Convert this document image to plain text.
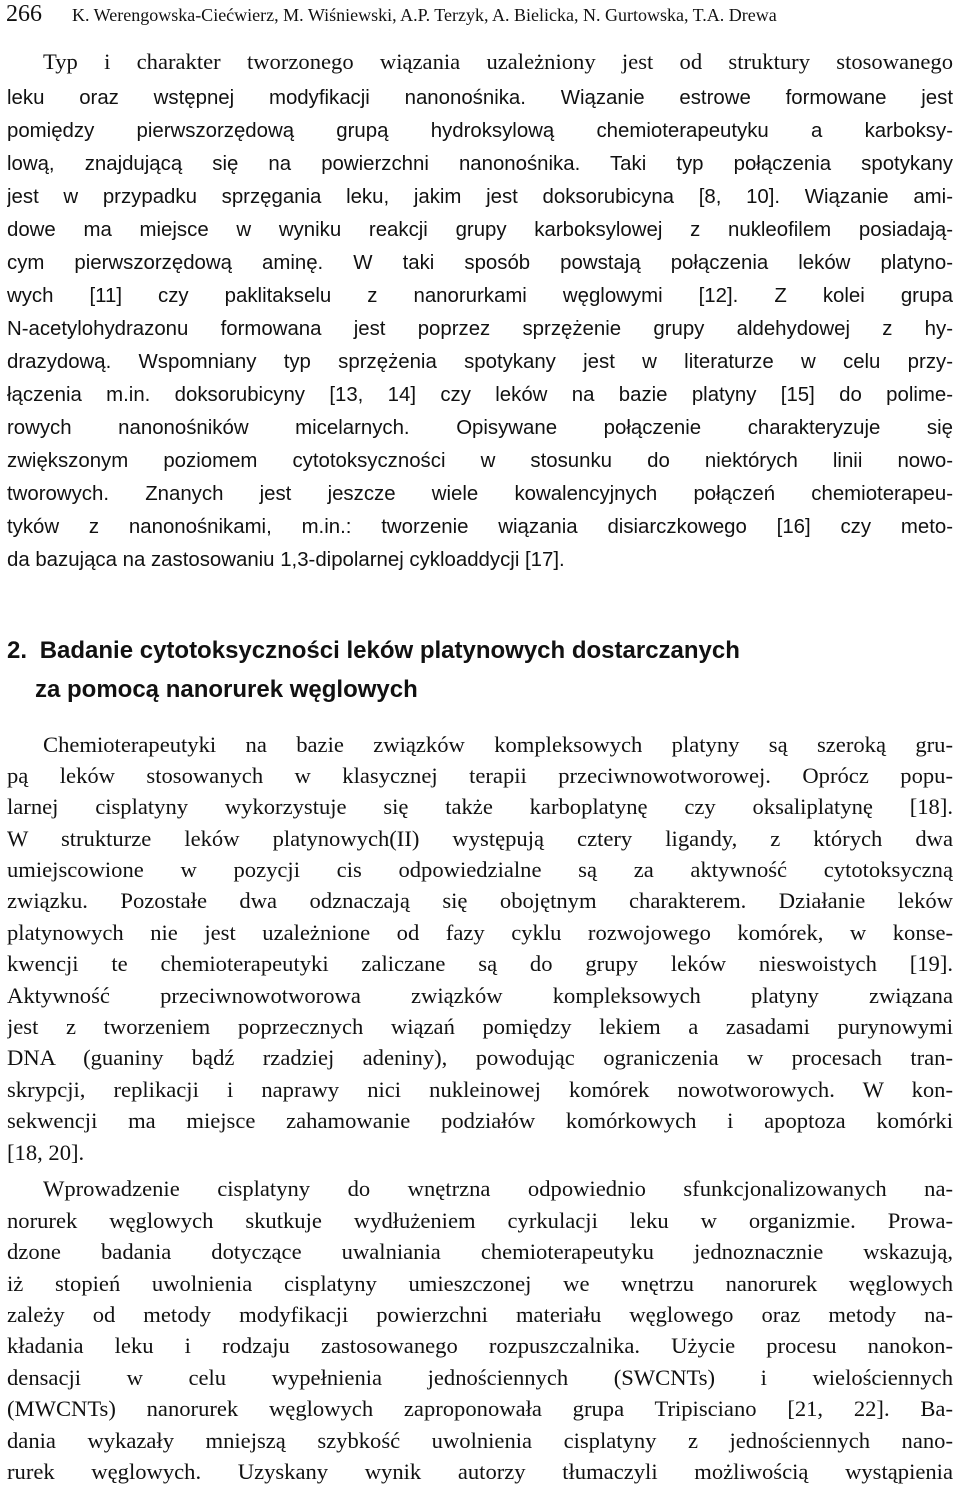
266 K. Werengowska-Ciećwierz, M. Wiśniewski, A.P. Terzyk, A. Bielicka, N. Gurtowska, T.A. Drewa
Typ i charakter tworzonego wiązania uzależniony jest od struktury stosowanego
leku oraz wstępnej modyfikacji nanonośnika. Wiązanie estrowe formowane jest
pomiędzy pierwszorzędową grupą hydroksylową chemioterapeutyku a karboksy-
lową, znajdującą się na powierzchni nanonośnika. Taki typ połączenia spotykany
jest w przypadku sprzęgania leku, jakim jest doksorubicyna [8, 10]. Wiązanie ami-
dowe ma miejsce w wyniku reakcji grupy karboksylowej z nukleofilem posiadają-
cym pierwszorzędową aminę. W taki sposób powstają połączenia leków platyno-
wych [11] czy paklitakselu z nanorurkami węglowymi [12]. Z kolei grupa
N-acetylohydrazonu formowana jest poprzez sprzężenie grupy aldehydowej z hy-
drazydową. Wspomniany typ sprzężenia spotykany jest w literaturze w celu przy-
łączenia m.in. doksorubicyny [13, 14] czy leków na bazie platyny [15] do polime-
rowych nanonośników micelarnych. Opisywane połączenie charakteryzuje się
zwiększonym poziomem cytotoksyczności w stosunku do niektórych linii nowo-
tworowych. Znanych jest jeszcze wiele kowalencyjnych połączeń chemioterapeu-
tyków z nanonośnikami, m.in.: tworzenie wiązania disiarczkowego [16] czy meto-
da bazująca na zastosowaniu 1,3-dipolarnej cykloaddycji [17].
2. Badanie cytotoksyczności leków platynowych dostarczanych
za pomocą nanorurek węglowych
Chemioterapeutyki na bazie związków kompleksowych platyny są szeroką gru-
pą leków stosowanych w klasycznej terapii przeciwnowotworowej. Oprócz popu-
larnej cisplatyny wykorzystuje się także karboplatynę czy oksaliplatynę [18].
W strukturze leków platynowych(II) występują cztery ligandy, z których dwa
umiejscowione w pozycji cis odpowiedzialne są za aktywność cytotoksyczną
związku. Pozostałe dwa odznaczają się obojętnym charakterem. Działanie leków
platynowych nie jest uzależnione od fazy cyklu rozwojowego komórek, w konse-
kwencji te chemioterapeutyki zaliczane są do grupy leków nieswoistych [19].
Aktywność przeciwnowotworowa związków kompleksowych platyny związana
jest z tworzeniem poprzecznych wiązań pomiędzy lekiem a zasadami purynowymi
DNA (guaniny bądź rzadziej adeniny), powodując ograniczenia w procesach tran-
skrypcji, replikacji i naprawy nici nukleinowej komórek nowotworowych. W kon-
sekwencji ma miejsce zahamowanie podziałów komórkowych i apoptoza komórki
[18, 20].
Wprowadzenie cisplatyny do wnętrzna odpowiednio sfunkcjonalizowanych na-
norurek węglowych skutkuje wydłużeniem cyrkulacji leku w organizmie. Prowa-
dzone badania dotyczące uwalniania chemioterapeutyku jednoznacznie wskazują,
iż stopień uwolnienia cisplatyny umieszczonej we wnętrzu nanorurek węglowych
zależy od metody modyfikacji powierzchni materiału węglowego oraz metody na-
kładania leku i rodzaju zastosowanego rozpuszczalnika. Użycie procesu nanokon-
densacji w celu wypełnienia jednościennych (SWCNTs) i wielościennych
(MWCNTs) nanorurek węglowych zaproponowała grupa Tripisciano [21, 22]. Ba-
dania wykazały mniejszą szybkość uwolnienia cisplatyny z jednościennych nano-
rurek węglowych. Uzyskany wynik autorzy tłumaczyli możliwością wystąpienia
